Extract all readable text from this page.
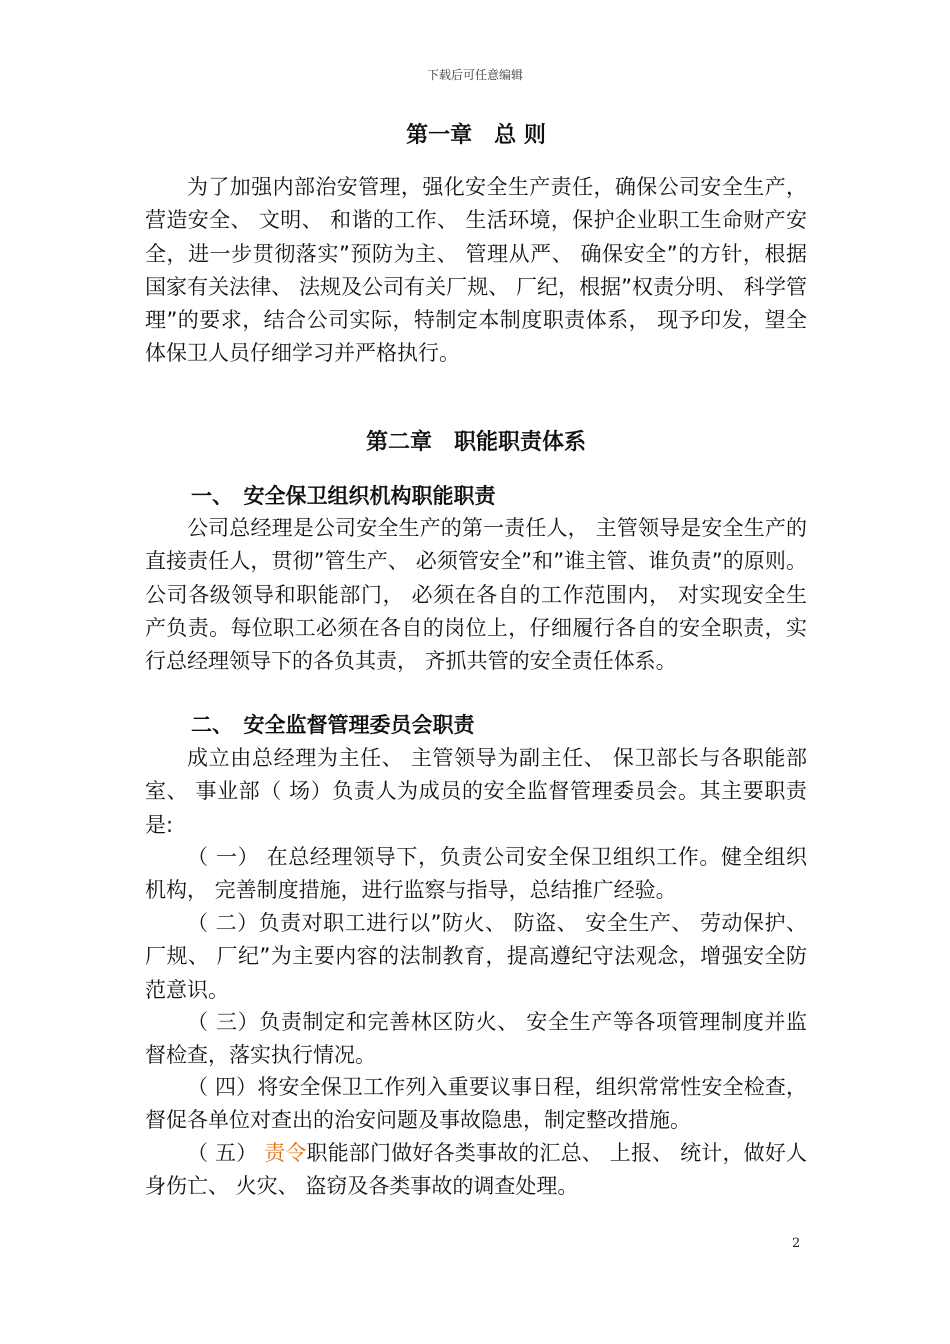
下载后可任意编辑
第一章　总 则

为了加强内部治安管理，强化安全生产责任，确保公司安全生产，营造安全、 文明、 和谐的工作、 生活环境，保护企业职工生命财产安全，进一步贯彻落实”预防为主、 管理从严、 确保安全”的方针，根据国家有关法律、 法规及公司有关厂规、 厂纪，根据”权责分明、 科学管理”的要求，结合公司实际，特制定本制度职责体系， 现予印发，望全体保卫人员仔细学习并严格执行。

第二章　职能职责体系
一、　安全保卫组织机构职能职责

公司总经理是公司安全生产的第一责任人， 主管领导是安全生产的直接责任人，贯彻”管生产、 必须管安全”和”谁主管、谁负责”的原则。公司各级领导和职能部门， 必须在各自的工作范围内， 对实现安全生产负责。每位职工必须在各自的岗位上，仔细履行各自的安全职责，实行总经理领导下的各负其责， 齐抓共管的安全责任体系。

二、　安全监督管理委员会职责

成立由总经理为主任、 主管领导为副主任、 保卫部长与各职能部室、 事业部（ 场）负责人为成员的安全监督管理委员会。其主要职责是:

（ 一） 在总经理领导下，负责公司安全保卫组织工作。健全组织机构， 完善制度措施，进行监察与指导，总结推广经验。

（ 二）负责对职工进行以”防火、 防盗、 安全生产、 劳动保护、 厂规、 厂纪”为主要内容的法制教育，提高遵纪守法观念，增强安全防范意识。

（ 三）负责制定和完善林区防火、 安全生产等各项管理制度并监督检查，落实执行情况。

（ 四）将安全保卫工作列入重要议事日程，组织常常性安全检查，督促各单位对查出的治安问题及事故隐患，制定整改措施。

（ 五） 责令职能部门做好各类事故的汇总、 上报、 统计，做好人身伤亡、 火灾、 盗窃及各类事故的调查处理。

2
